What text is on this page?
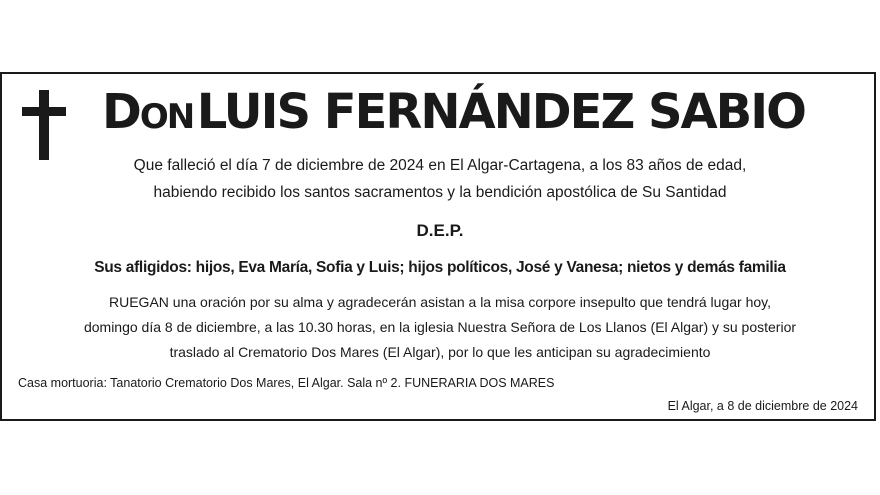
Don LUIS FERNÁNDEZ SABIO
Que falleció el día 7 de diciembre de 2024 en El Algar-Cartagena, a los 83 años de edad,
habiendo recibido los santos sacramentos y la bendición apostólica de Su Santidad
D.E.P.
Sus afligidos: hijos, Eva María, Sofia y Luis; hijos políticos, José y Vanesa; nietos y demás familia
RUEGAN una oración por su alma y agradecerán asistan a la misa corpore insepulto que tendrá lugar hoy,
domingo día 8 de diciembre, a las 10.30 horas, en la iglesia Nuestra Señora de Los Llanos (El Algar) y su posterior
traslado al Crematorio Dos Mares (El Algar), por lo que les anticipan su agradecimiento
Casa mortuoria: Tanatorio Crematorio Dos Mares, El Algar. Sala nº 2. FUNERARIA DOS MARES
El Algar, a 8 de diciembre de 2024
